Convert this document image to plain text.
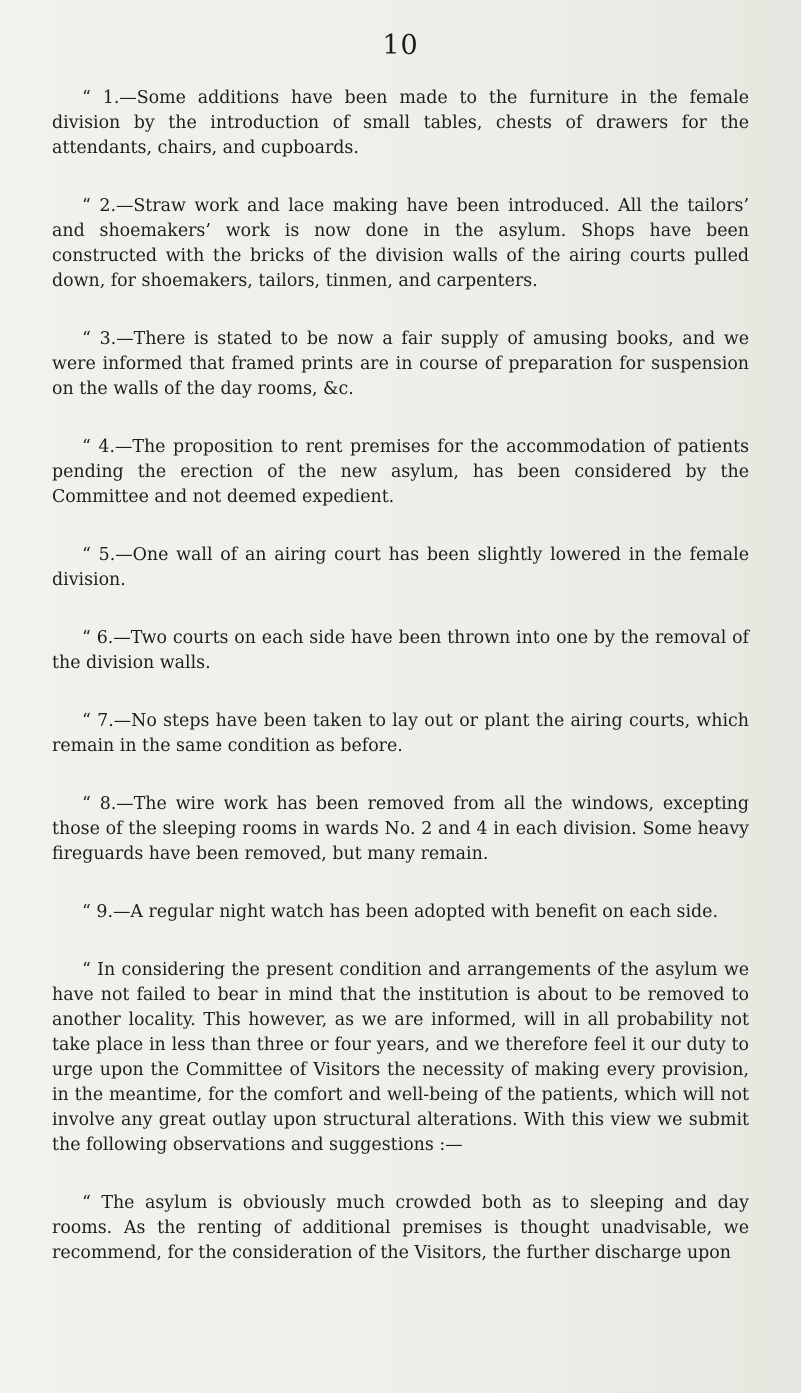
10

“ 1.—Some additions have been made to the furniture in the female division by the introduction of small tables, chests of drawers for the attendants, chairs, and cupboards.

“ 2.—Straw work and lace making have been introduced. All the tailors’ and shoemakers’ work is now done in the asylum. Shops have been constructed with the bricks of the division walls of the airing courts pulled down, for shoemakers, tailors, tinmen, and carpenters.

“ 3.—There is stated to be now a fair supply of amusing books, and we were informed that framed prints are in course of preparation for suspension on the walls of the day rooms, &c.

“ 4.—The proposition to rent premises for the accommodation of patients pending the erection of the new asylum, has been considered by the Committee and not deemed expedient.

“ 5.—One wall of an airing court has been slightly lowered in the female division.

“ 6.—Two courts on each side have been thrown into one by the removal of the division walls.

“ 7.—No steps have been taken to lay out or plant the airing courts, which remain in the same condition as before.

“ 8.—The wire work has been removed from all the windows, excepting those of the sleeping rooms in wards No. 2 and 4 in each division. Some heavy fireguards have been removed, but many remain.

“ 9.—A regular night watch has been adopted with benefit on each side.

“ In considering the present condition and arrangements of the asylum we have not failed to bear in mind that the institution is about to be removed to another locality. This however, as we are informed, will in all probability not take place in less than three or four years, and we therefore feel it our duty to urge upon the Committee of Visitors the necessity of making every provision, in the meantime, for the comfort and well-being of the patients, which will not involve any great outlay upon structural alterations. With this view we submit the following observations and suggestions :—

“ The asylum is obviously much crowded both as to sleeping and day rooms. As the renting of additional premises is thought unadvisable, we recommend, for the consideration of the Visitors, the further discharge upon
